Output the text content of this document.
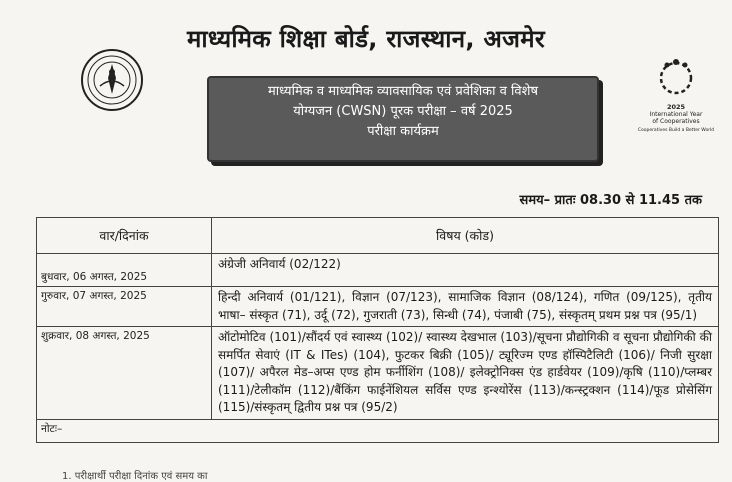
माध्यमिक शिक्षा बोर्ड, राजस्थान, अजमेर
2025
International Year
of Cooperatives
Cooperatives Build a Better World
माध्यमिक व माध्यमिक व्यावसायिक एवं प्रवेशिका व विशेष
योग्यजन (CWSN) पूरक परीक्षा – वर्ष 2025
परीक्षा कार्यक्रम
समय– प्रातः 08.30 से 11.45 तक
वार/दिनांक	विषय (कोड)
बुधवार, 06 अगस्त, 2025	अंग्रेजी अनिवार्य (02/122)
गुरुवार, 07 अगस्त, 2025	हिन्दी अनिवार्य (01/121), विज्ञान (07/123), सामाजिक विज्ञान (08/124), गणित (09/125), तृतीय भाषा– संस्कृत (71), उर्दू (72), गुजराती (73), सिन्धी (74), पंजाबी (75), संस्कृतम् प्रथम प्रश्न पत्र (95/1)
शुक्रवार, 08 अगस्त, 2025	ऑटोमोटिव (101)/सौंदर्य एवं स्वास्थ्य (102)/ स्वास्थ्य देखभाल (103)/सूचना प्रौद्योगिकी व सूचना प्रौद्योगिकी की समर्पित सेवाएं (IT & ITes) (104), फुटकर बिक्री (105)/ ट्यूरिज्म एण्ड हॉस्पिटैलिटी (106)/ निजी सुरक्षा (107)/ अपैरल मेड–अप्स एण्ड होम फर्नीशिंग (108)/ इलेक्ट्रोनिक्स एंड हार्डवेयर (109)/कृषि (110)/प्लम्बर (111)/टेलीकॉम (112)/बैंकिंग फाईनेंशियल सर्विस एण्ड इन्श्योरेंस (113)/कन्स्ट्रक्शन (114)/फूड प्रोसेसिंग (115)/संस्कृतम् द्वितीय प्रश्न पत्र (95/2)
नोटः–	
1. परीक्षार्थी परीक्षा दिनांक एवं समय का
